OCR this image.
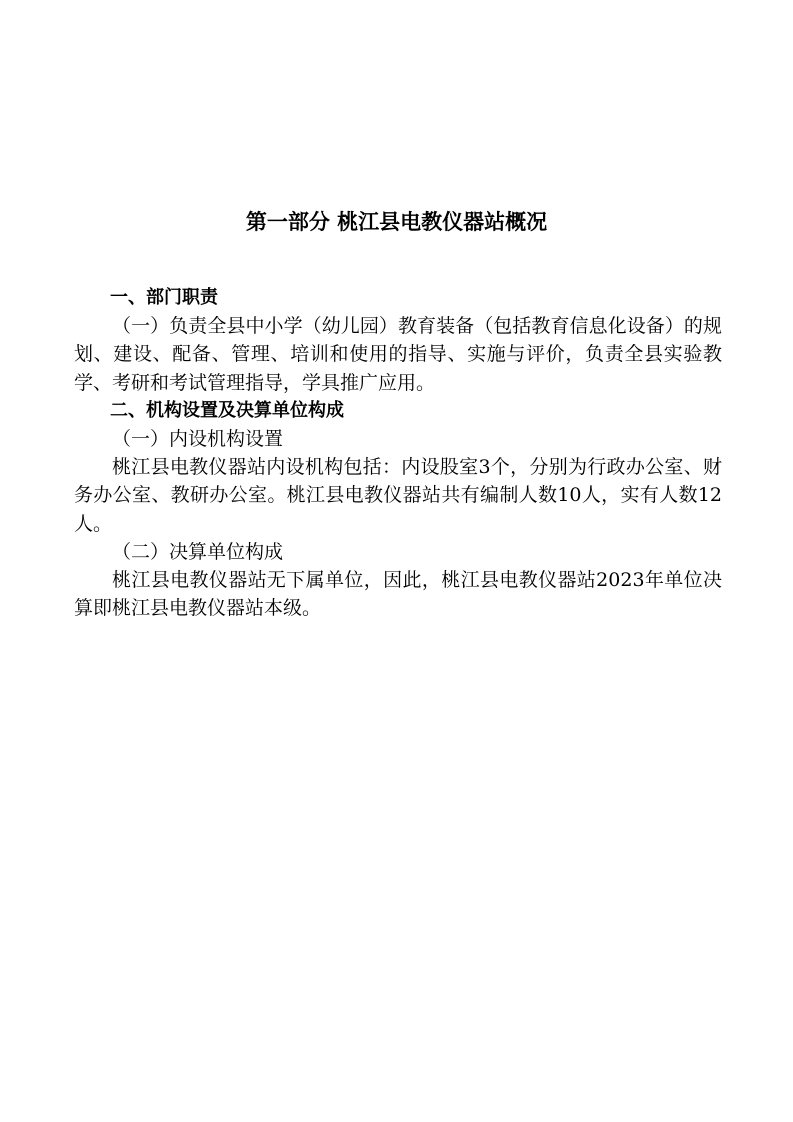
第一部分 桃江县电教仪器站概况
一、部门职责

（一）负责全县中小学（幼儿园）教育装备（包括教育信息化设备）的规划、建设、配备、管理、培训和使用的指导、实施与评价，负责全县实验教学、考研和考试管理指导，学具推广应用。

二、机构设置及决算单位构成

（一）内设机构设置

桃江县电教仪器站内设机构包括：内设股室3个，分别为行政办公室、财务办公室、教研办公室。桃江县电教仪器站共有编制人数10人，实有人数12人。

（二）决算单位构成

桃江县电教仪器站无下属单位，因此，桃江县电教仪器站2023年单位决算即桃江县电教仪器站本级。
